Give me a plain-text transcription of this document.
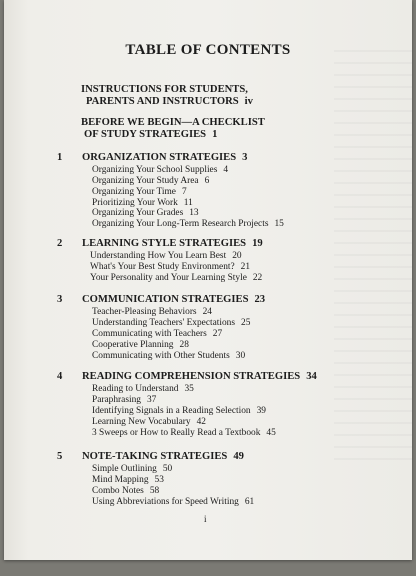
TABLE OF CONTENTS
INSTRUCTIONS FOR STUDENTS,
PARENTS AND INSTRUCTORS iv
BEFORE WE BEGIN—A CHECKLIST
OF STUDY STRATEGIES 1
1 ORGANIZATION STRATEGIES 3
Organizing Your School Supplies 4
Organizing Your Study Area 6
Organizing Your Time 7
Prioritizing Your Work 11
Organizing Your Grades 13
Organizing Your Long-Term Research Projects 15
2 LEARNING STYLE STRATEGIES 19
Understanding How You Learn Best 20
What's Your Best Study Environment? 21
Your Personality and Your Learning Style 22
3 COMMUNICATION STRATEGIES 23
Teacher-Pleasing Behaviors 24
Understanding Teachers' Expectations 25
Communicating with Teachers 27
Cooperative Planning 28
Communicating with Other Students 30
4 READING COMPREHENSION STRATEGIES 34
Reading to Understand 35
Paraphrasing 37
Identifying Signals in a Reading Selection 39
Learning New Vocabulary 42
3 Sweeps or How to Really Read a Textbook 45
5 NOTE-TAKING STRATEGIES 49
Simple Outlining 50
Mind Mapping 53
Combo Notes 58
Using Abbreviations for Speed Writing 61
i
